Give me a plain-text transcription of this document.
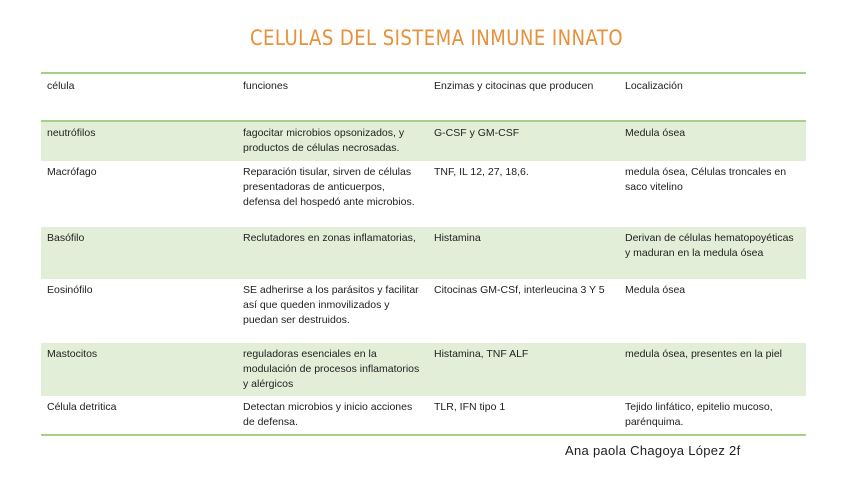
CELULAS DEL SISTEMA INMUNE INNATO
célula	funciones	Enzimas y citocinas que producen	Localización
neutrófilos	fagocitar microbios opsonizados, y productos de células necrosadas.	G-CSF y GM-CSF	Medula ósea
Macrófago	Reparación tisular, sirven de células presentadoras de anticuerpos, defensa del hospedó ante microbios.	TNF, IL 12, 27, 18,6.	medula ósea, Células troncales en saco vitelino
Basófilo	Reclutadores en zonas inflamatorias,	Histamina	Derivan de células hematopoyéticas y maduran en la medula ósea
Eosinófilo	SE adherirse a los parásitos y facilitar así que queden inmovilizados y puedan ser destruidos.	Citocinas GM-CSf, interleucina 3 Y 5	Medula ósea
Mastocitos	reguladoras esenciales en la modulación de procesos inflamatorios y alérgicos	Histamina, TNF ALF	medula ósea, presentes en la piel
Célula detritica	Detectan microbios y inicio acciones de defensa.	TLR, IFN tipo 1	Tejido linfático, epitelio mucoso, parénquima.
Ana paola Chagoya López 2f
